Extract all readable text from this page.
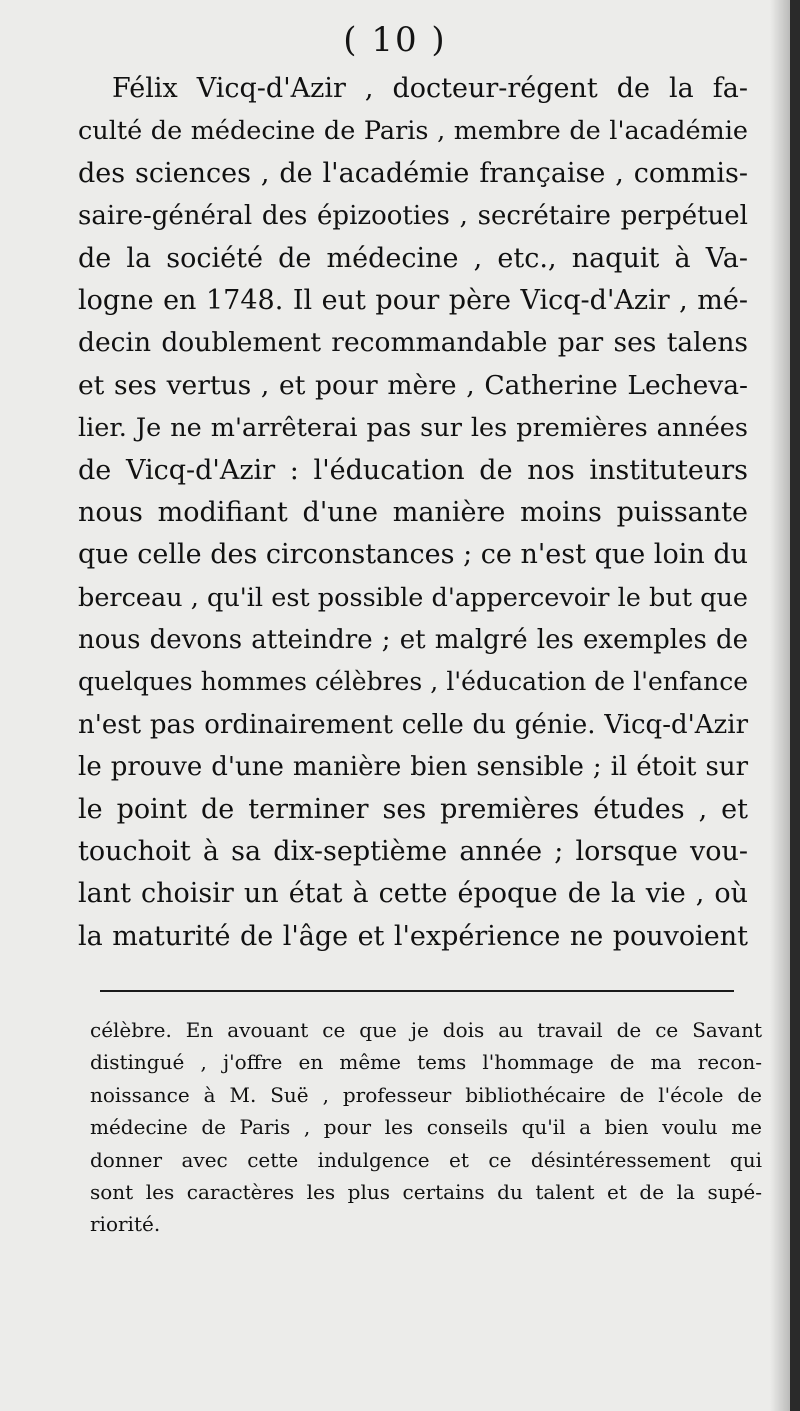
( 10 )
Félix Vicq-d'Azir , docteur-régent de la fa-
culté de médecine de Paris , membre de l'académie
des sciences , de l'académie française , commis-
saire-général des épizooties , secrétaire perpétuel
de la société de médecine , etc., naquit à Va-
logne en 1748. Il eut pour père Vicq-d'Azir , mé-
decin doublement recommandable par ses talens
et ses vertus , et pour mère , Catherine Lecheva-
lier. Je ne m'arrêterai pas sur les premières années
de Vicq-d'Azir : l'éducation de nos instituteurs
nous modifiant d'une manière moins puissante
que celle des circonstances ; ce n'est que loin du
berceau , qu'il est possible d'appercevoir le but que
nous devons atteindre ; et malgré les exemples de
quelques hommes célèbres , l'éducation de l'enfance
n'est pas ordinairement celle du génie. Vicq-d'Azir
le prouve d'une manière bien sensible ; il étoit sur
le point de terminer ses premières études , et
touchoit à sa dix-septième année ; lorsque vou-
lant choisir un état à cette époque de la vie , où
la maturité de l'âge et l'expérience ne pouvoient
célèbre. En avouant ce que je dois au travail de ce Savant
distingué , j'offre en même tems l'hommage de ma recon-
noissance à M. Suë , professeur bibliothécaire de l'école de
médecine de Paris , pour les conseils qu'il a bien voulu me
donner avec cette indulgence et ce désintéressement qui
sont les caractères les plus certains du talent et de la supé-
riorité.
